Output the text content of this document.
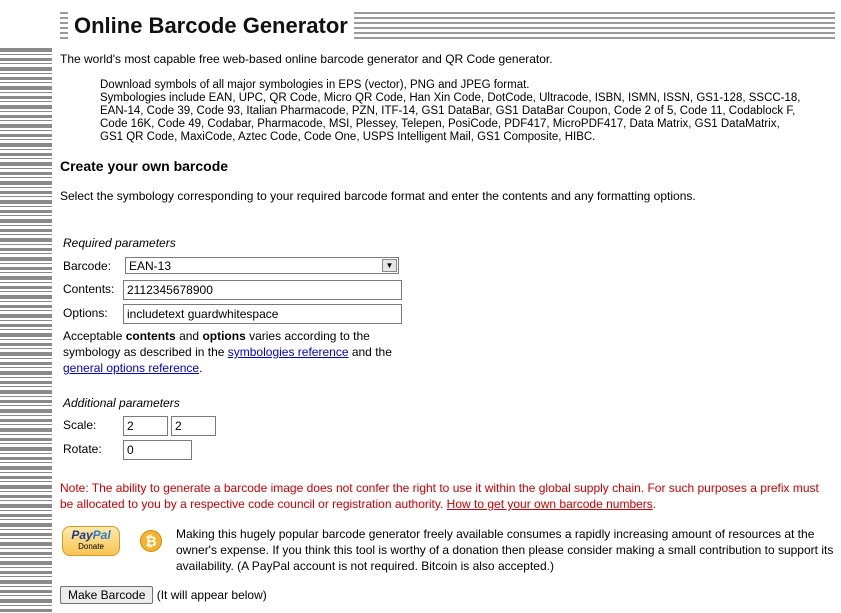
Online Barcode Generator
The world's most capable free web-based online barcode generator and QR Code generator.
Download symbols of all major symbologies in EPS (vector), PNG and JPEG format.
Symbologies include EAN, UPC, QR Code, Micro QR Code, Han Xin Code, DotCode, Ultracode, ISBN, ISMN, ISSN, GS1-128, SSCC-18,
EAN-14, Code 39, Code 93, Italian Pharmacode, PZN, ITF-14, GS1 DataBar, GS1 DataBar Coupon, Code 2 of 5, Code 11, Codablock F,
Code 16K, Code 49, Codabar, Pharmacode, MSI, Plessey, Telepen, PosiCode, PDF417, MicroPDF417, Data Matrix, GS1 DataMatrix,
GS1 QR Code, MaxiCode, Aztec Code, Code One, USPS Intelligent Mail, GS1 Composite, HIBC.
Create your own barcode
Select the symbology corresponding to your required barcode format and enter the contents and any formatting options.
Required parameters
Barcode:	EAN-13	▼
Contents:
2112345678900
Options:
includetext guardwhitespace
Acceptable contents and options varies according to the symbology as described in the symbologies reference and the general options reference.
Additional parameters
Scale:
2
2
Rotate:
0
Note: The ability to generate a barcode image does not confer the right to use it within the global supply chain. For such purposes a prefix must be allocated to you by a respective code council or registration authority. How to get your own barcode numbers.
PayPal
Donate	₿	Making this hugely popular barcode generator freely available consumes a rapidly increasing amount of resources at the owner's expense. If you think this tool is worthy of a donation then please consider making a small contribution to support its availability. (A PayPal account is not required. Bitcoin is also accepted.)
Make Barcode (It will appear below)
